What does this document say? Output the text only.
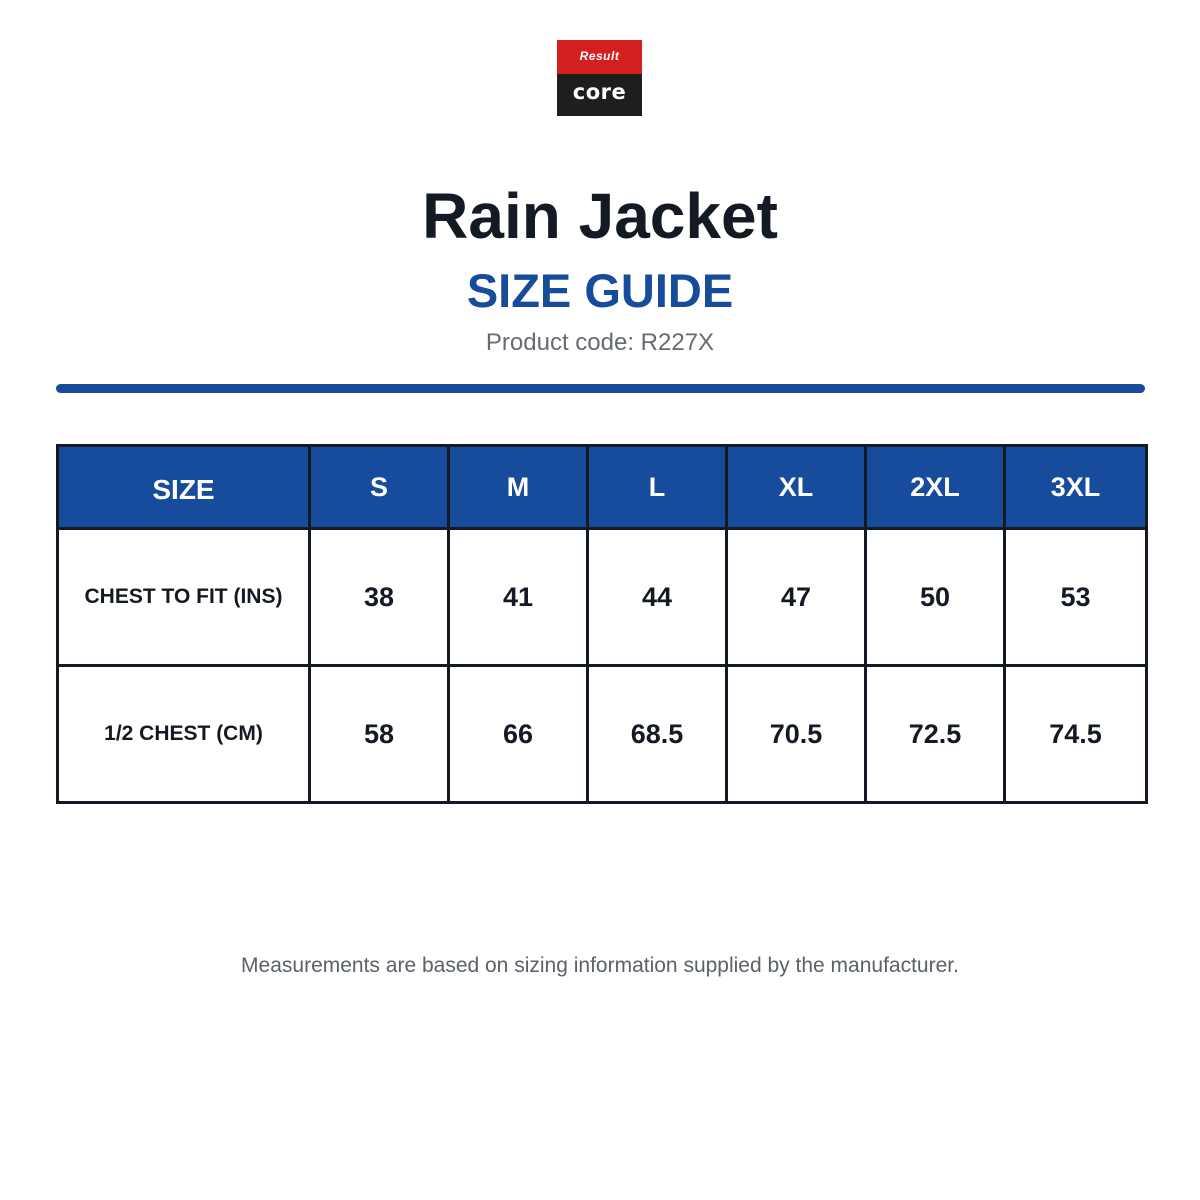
Result
core
Rain Jacket
SIZE GUIDE
Product code: R227X
SIZE	S	M	L	XL	2XL	3XL
CHEST TO FIT (INS)	38	41	44	47	50	53
1/2 CHEST (CM)	58	66	68.5	70.5	72.5	74.5
Measurements are based on sizing information supplied by the manufacturer.
